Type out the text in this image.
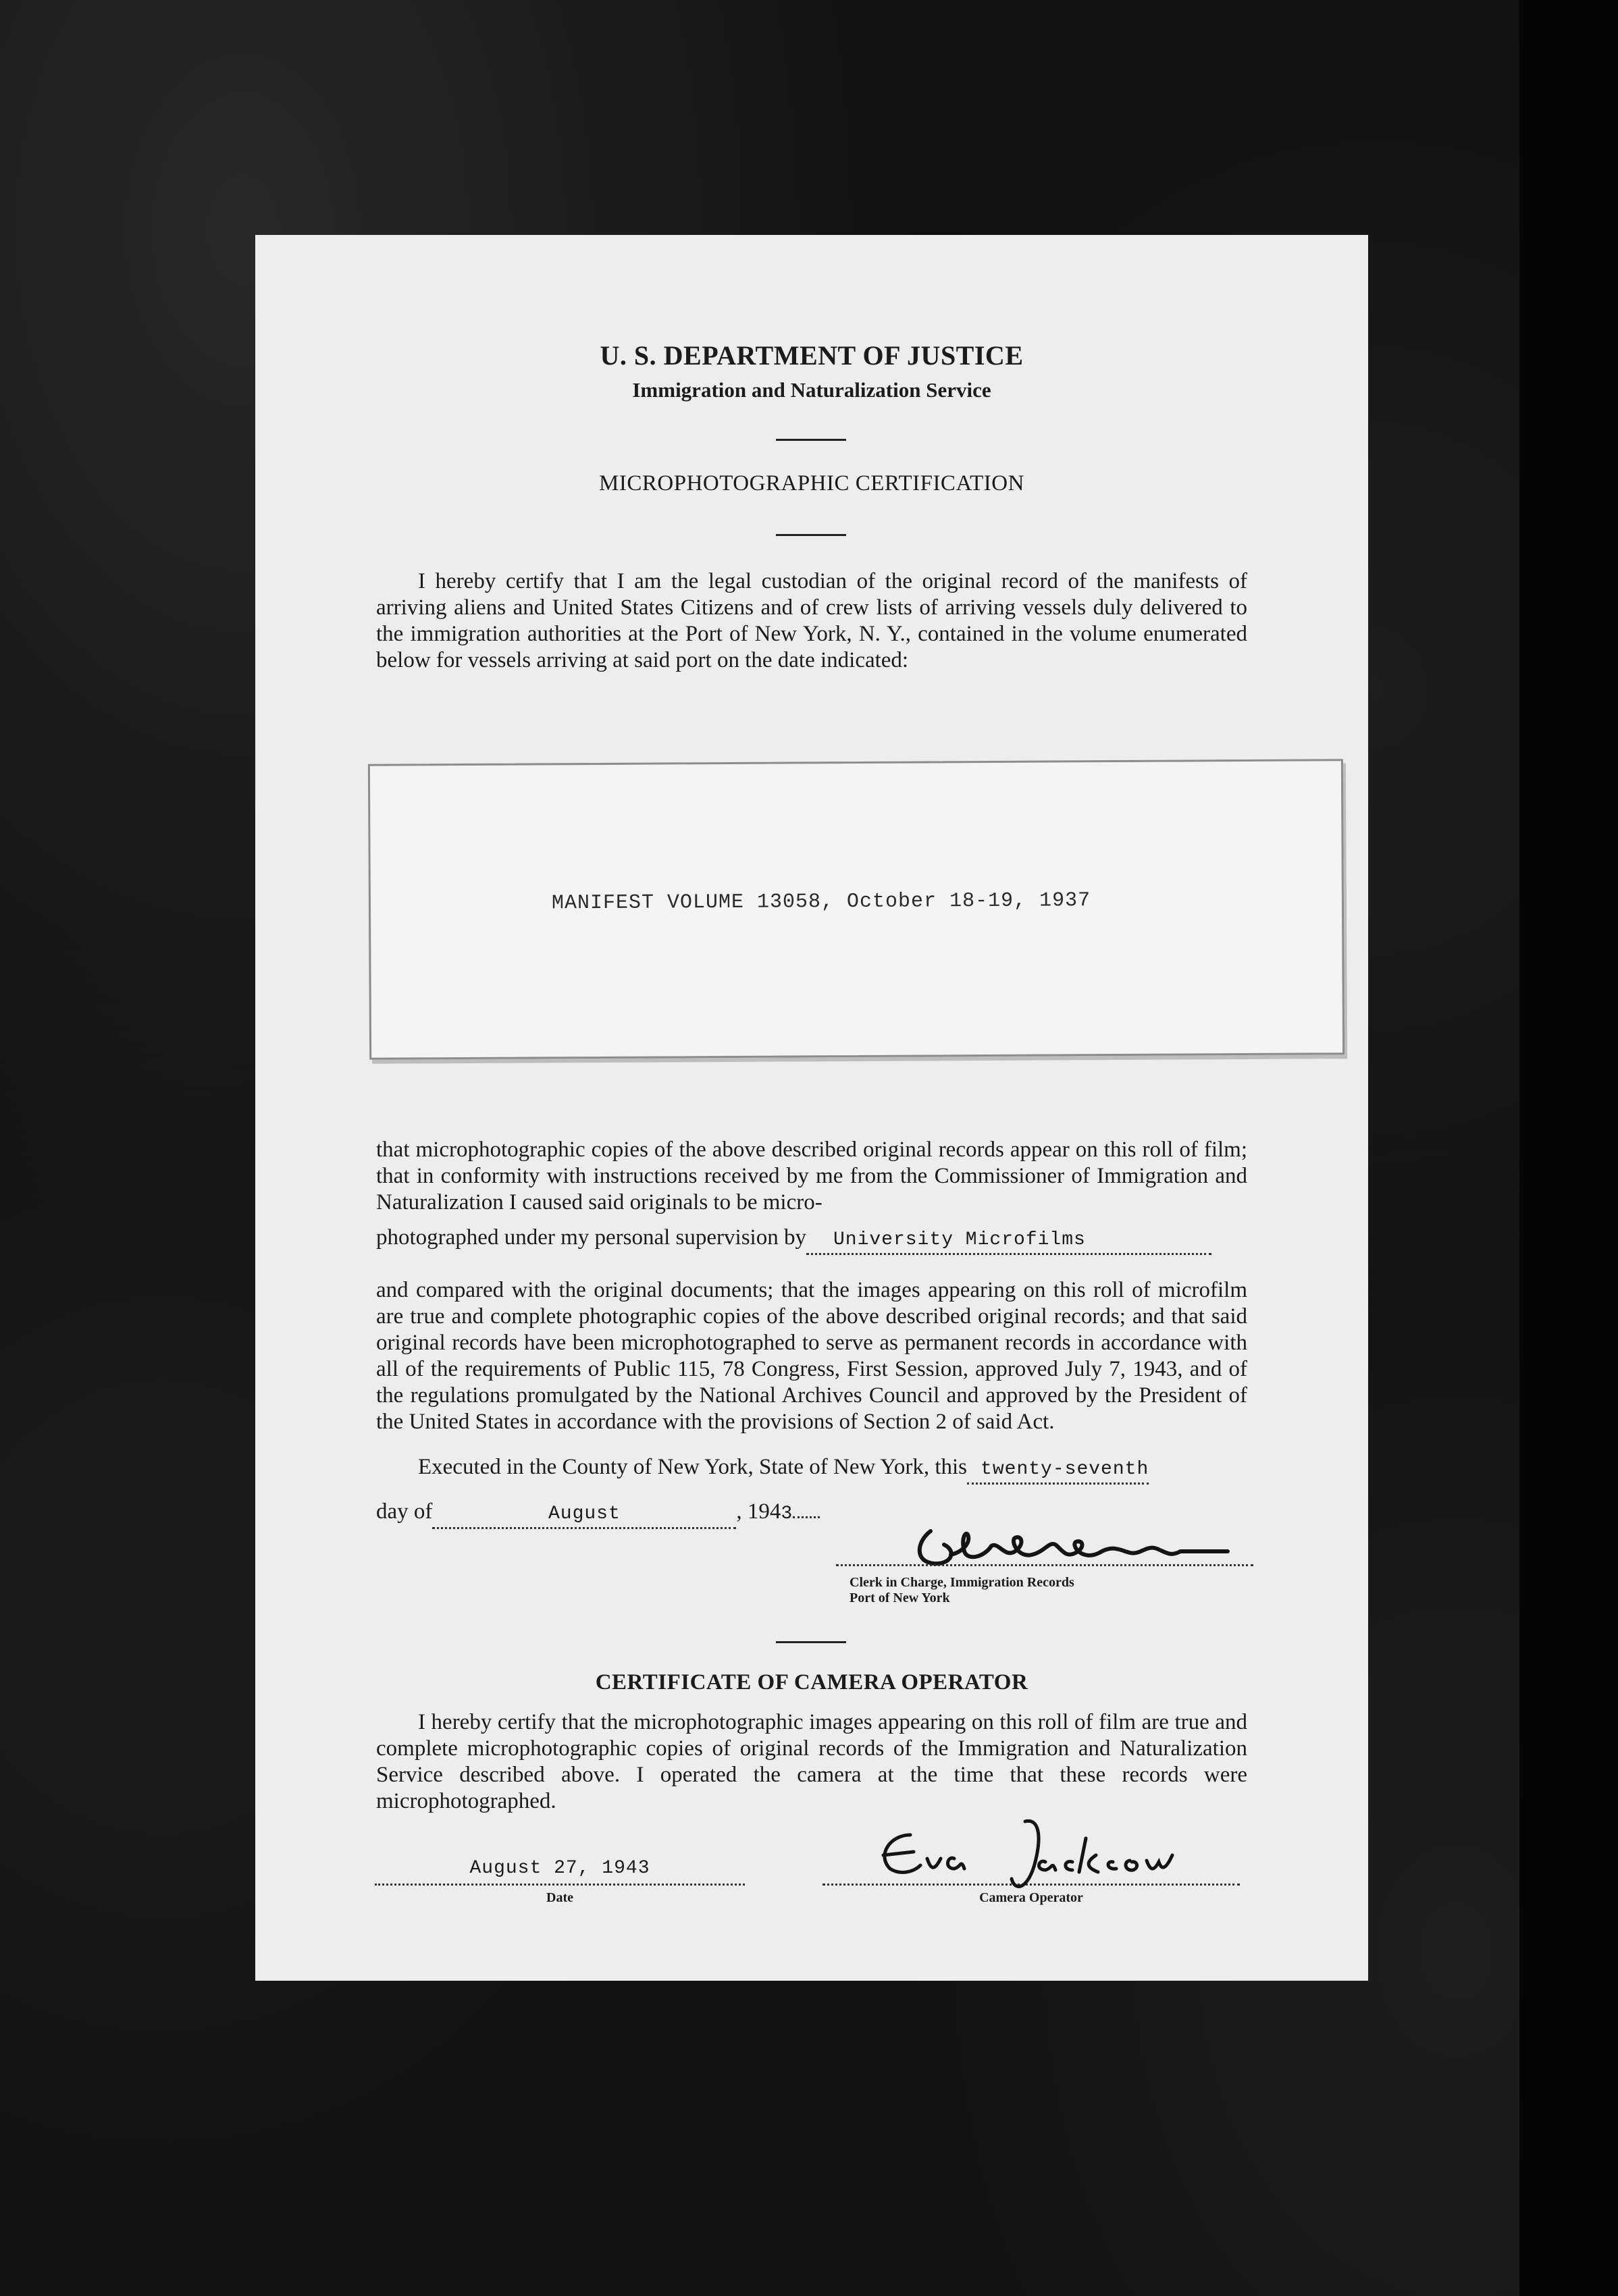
U. S. DEPARTMENT OF JUSTICE
Immigration and Naturalization Service
MICROPHOTOGRAPHIC CERTIFICATION
I hereby certify that I am the legal custodian of the original record of the manifests of arriving aliens and United States Citizens and of crew lists of arriving vessels duly delivered to the immigration authorities at the Port of New York, N. Y., contained in the volume enumerated below for vessels arriving at said port on the date indicated:
MANIFEST VOLUME 13058, October 18-19, 1937
that microphotographic copies of the above described original records appear on this roll of film; that in conformity with instructions received by me from the Commissioner of Immigration and Naturalization I caused said originals to be micro-
photographed under my personal supervision by University Microfilms
and compared with the original documents; that the images appearing on this roll of microfilm are true and complete photographic copies of the above described original records; and that said original records have been microphotographed to serve as permanent records in accordance with all of the requirements of Public 115, 78 Congress, First Session, approved July 7, 1943, and of the regulations promulgated by the National Archives Council and approved by the President of the United States in accordance with the provisions of Section 2 of said Act.
Executed in the County of New York, State of New York, this twenty-seventh
day of	August	, 1943
Clerk in Charge, Immigration Records
Port of New York
CERTIFICATE OF CAMERA OPERATOR
I hereby certify that the microphotographic images appearing on this roll of film are true and complete microphotographic copies of original records of the Immigration and Naturalization Service described above. I operated the camera at the time that these records were microphotographed.
August 27, 1943
Date	Camera Operator
